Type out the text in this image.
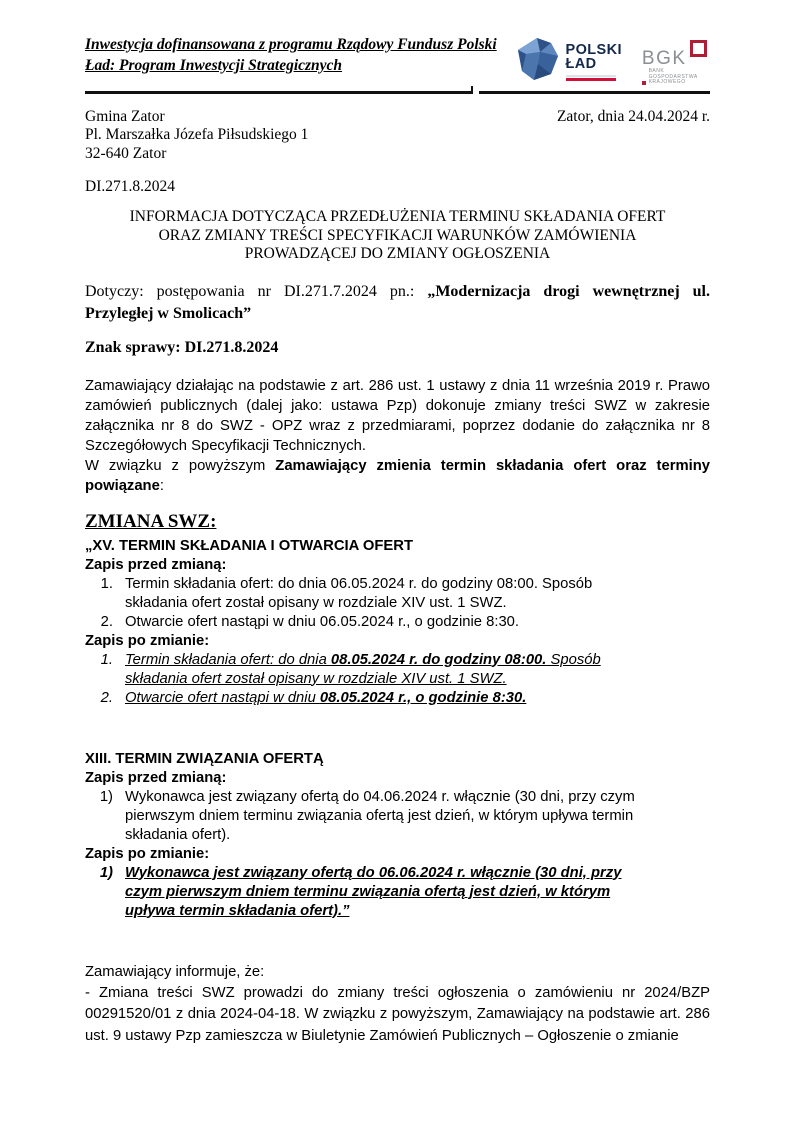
Inwestycja dofinansowana z programu Rządowy Fundusz Polski Ład: Program Inwestycji Strategicznych
POLSKI
ŁAD	BGK
BANK GOSPODARSTWA
KRAJOWEGO
Gmina Zator
Pl. Marszałka Józefa Piłsudskiego 1
32-640 Zator
Zator, dnia 24.04.2024 r.
DI.271.8.2024
INFORMACJA DOTYCZĄCA PRZEDŁUŻENIA TERMINU SKŁADANIA OFERT
ORAZ ZMIANY TREŚCI SPECYFIKACJI WARUNKÓW ZAMÓWIENIA
PROWADZĄCEJ DO ZMIANY OGŁOSZENIA
Dotyczy: postępowania nr DI.271.7.2024 pn.: „Modernizacja drogi wewnętrznej ul. Przyległej w Smolicach”
Znak sprawy: DI.271.8.2024
Zamawiający działając na podstawie z art. 286 ust. 1 ustawy z dnia 11 września 2019 r. Prawo zamówień publicznych (dalej jako: ustawa Pzp) dokonuje zmiany treści SWZ w zakresie załącznika nr 8 do SWZ - OPZ wraz z przedmiarami, poprzez dodanie do załącznika nr 8 Szczegółowych Specyfikacji Technicznych.
W związku z powyższym Zamawiający zmienia termin składania ofert oraz terminy powiązane:
ZMIANA SWZ:
„XV. TERMIN SKŁADANIA I OTWARCIA OFERT
Zapis przed zmianą:
1. Termin składania ofert: do dnia 06.05.2024 r. do godziny 08:00. Sposób składania ofert został opisany w rozdziale XIV ust. 1 SWZ.
2. Otwarcie ofert nastąpi w dniu 06.05.2024 r., o godzinie 8:30.
Zapis po zmianie:
1. Termin składania ofert: do dnia 08.05.2024 r. do godziny 08:00. Sposób składania ofert został opisany w rozdziale XIV ust. 1 SWZ.
2. Otwarcie ofert nastąpi w dniu 08.05.2024 r., o godzinie 8:30.
XIII. TERMIN ZWIĄZANIA OFERTĄ
Zapis przed zmianą:
1) Wykonawca jest związany ofertą do 04.06.2024 r. włącznie (30 dni, przy czym pierwszym dniem terminu związania ofertą jest dzień, w którym upływa termin składania ofert).
Zapis po zmianie:
1) Wykonawca jest związany ofertą do 06.06.2024 r. włącznie (30 dni, przy czym pierwszym dniem terminu związania ofertą jest dzień, w którym upływa termin składania ofert).”
Zamawiający informuje, że:
- Zmiana treści SWZ prowadzi do zmiany treści ogłoszenia o zamówieniu nr 2024/BZP 00291520/01 z dnia 2024-04-18. W związku z powyższym, Zamawiający na podstawie art. 286 ust. 9 ustawy Pzp zamieszcza w Biuletynie Zamówień Publicznych – Ogłoszenie o zmianie
